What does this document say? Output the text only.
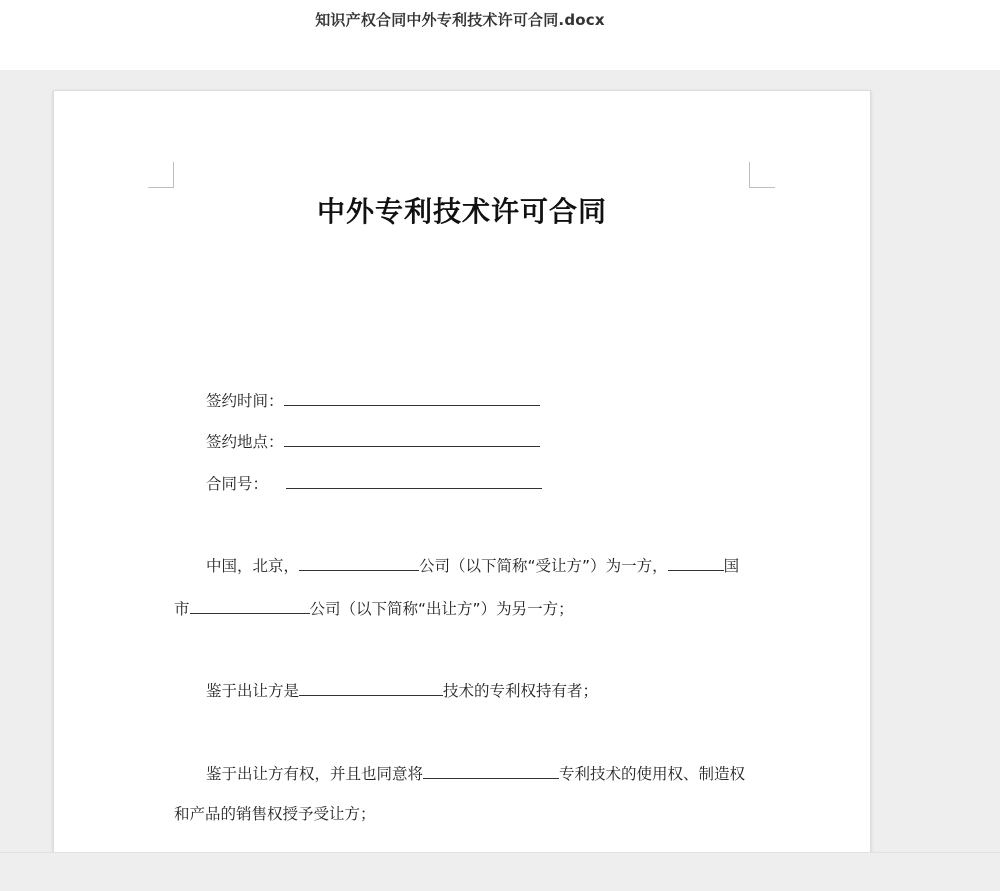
知识产权合同中外专利技术许可合同.docx
中外专利技术许可合同
签约时间：
签约地点：
合同号：
中国，北京，	公司（以下简称“受让方”）为一方，	国
市	公司（以下简称“出让方”）为另一方；
鉴于出让方是	技术的专利权持有者；
鉴于出让方有权，并且也同意将	专利技术的使用权、制造权
和产品的销售权授予受让方；
